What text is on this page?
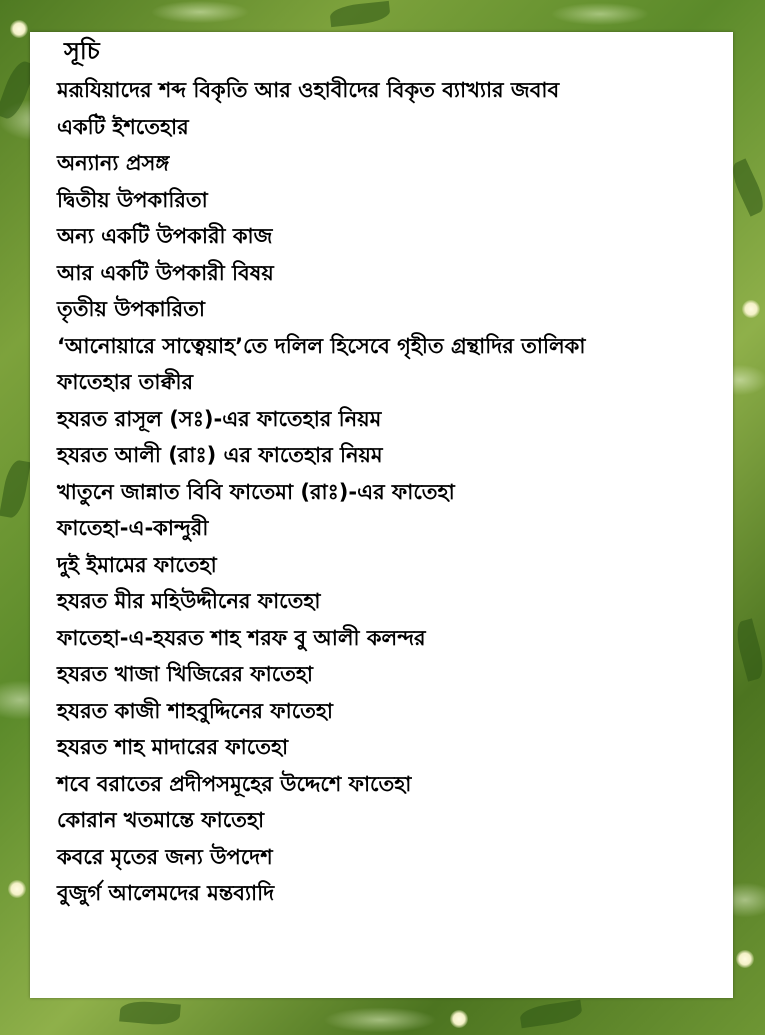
সূচি
মরূযিয়াদের শব্দ বিকৃতি আর ওহাবীদের বিকৃত ব্যাখ্যার জবাব
একটি ইশতেহার
অন্যান্য প্রসঙ্গ
দ্বিতীয় উপকারিতা
অন্য একটি উপকারী কাজ
আর একটি উপকারী বিষয়
তৃতীয় উপকারিতা
‘আনোয়ারে সাত্বেয়াহ’তে দলিল হিসেবে গৃহীত গ্রন্থাদির তালিকা
ফাতেহার তাক্বীর
হযরত রাসূল (সঃ)-এর ফাতেহার নিয়ম
হযরত আলী (রাঃ) এর ফাতেহার নিয়ম
খাতুনে জান্নাত বিবি ফাতেমা (রাঃ)-এর ফাতেহা
ফাতেহা-এ-কান্দুরী
দুই ইমামের ফাতেহা
হযরত মীর মহিউদ্দীনের ফাতেহা
ফাতেহা-এ-হযরত শাহ শরফ বু আলী কলন্দর
হযরত খাজা খিজিরের ফাতেহা
হযরত কাজী শাহবুদ্দিনের ফাতেহা
হযরত শাহ মাদারের ফাতেহা
শবে বরাতের প্রদীপসমূহের উদ্দেশে ফাতেহা
কোরান খতমান্তে ফাতেহা
কবরে মৃতের জন্য উপদেশ
বুজুর্গ আলেমদের মন্তব্যাদি
